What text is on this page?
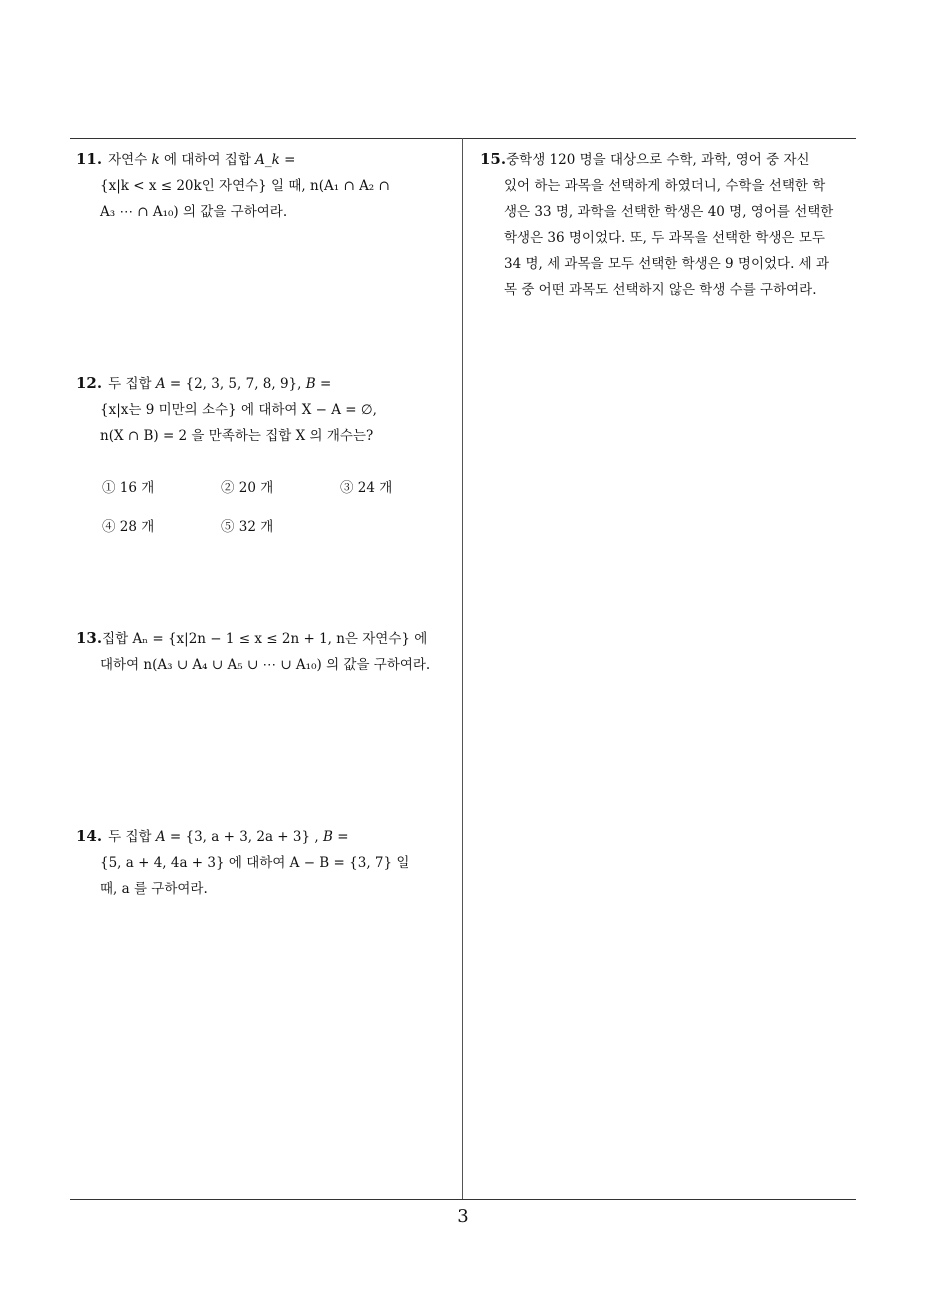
11. 자연수 k 에 대하여 집합 A_k =
{x|k < x ≤ 20k인 자연수} 일 때, n(A₁ ∩ A₂ ∩
A₃ ⋯ ∩ A₁₀) 의 값을 구하여라.
12. 두 집합 A = {2, 3, 5, 7, 8, 9}, B =
{x|x는 9 미만의 소수} 에 대하여 X − A = ∅,
n(X ∩ B) = 2 을 만족하는 집합 X 의 개수는?
① 16 개	② 20 개	③ 24 개
④ 28 개	⑤ 32 개
13.집합 Aₙ = {x|2n − 1 ≤ x ≤ 2n + 1, n은 자연수} 에
대하여 n(A₃ ∪ A₄ ∪ A₅ ∪ ⋯ ∪ A₁₀) 의 값을 구하여라.
14. 두 집합 A = {3, a + 3, 2a + 3} , B =
{5, a + 4, 4a + 3} 에 대하여 A − B = {3, 7} 일
때, a 를 구하여라.
15.중학생 120 명을 대상으로 수학, 과학, 영어 중 자신
있어 하는 과목을 선택하게 하였더니, 수학을 선택한 학
생은 33 명, 과학을 선택한 학생은 40 명, 영어를 선택한
학생은 36 명이었다. 또, 두 과목을 선택한 학생은 모두
34 명, 세 과목을 모두 선택한 학생은 9 명이었다. 세 과
목 중 어떤 과목도 선택하지 않은 학생 수를 구하여라.
3
